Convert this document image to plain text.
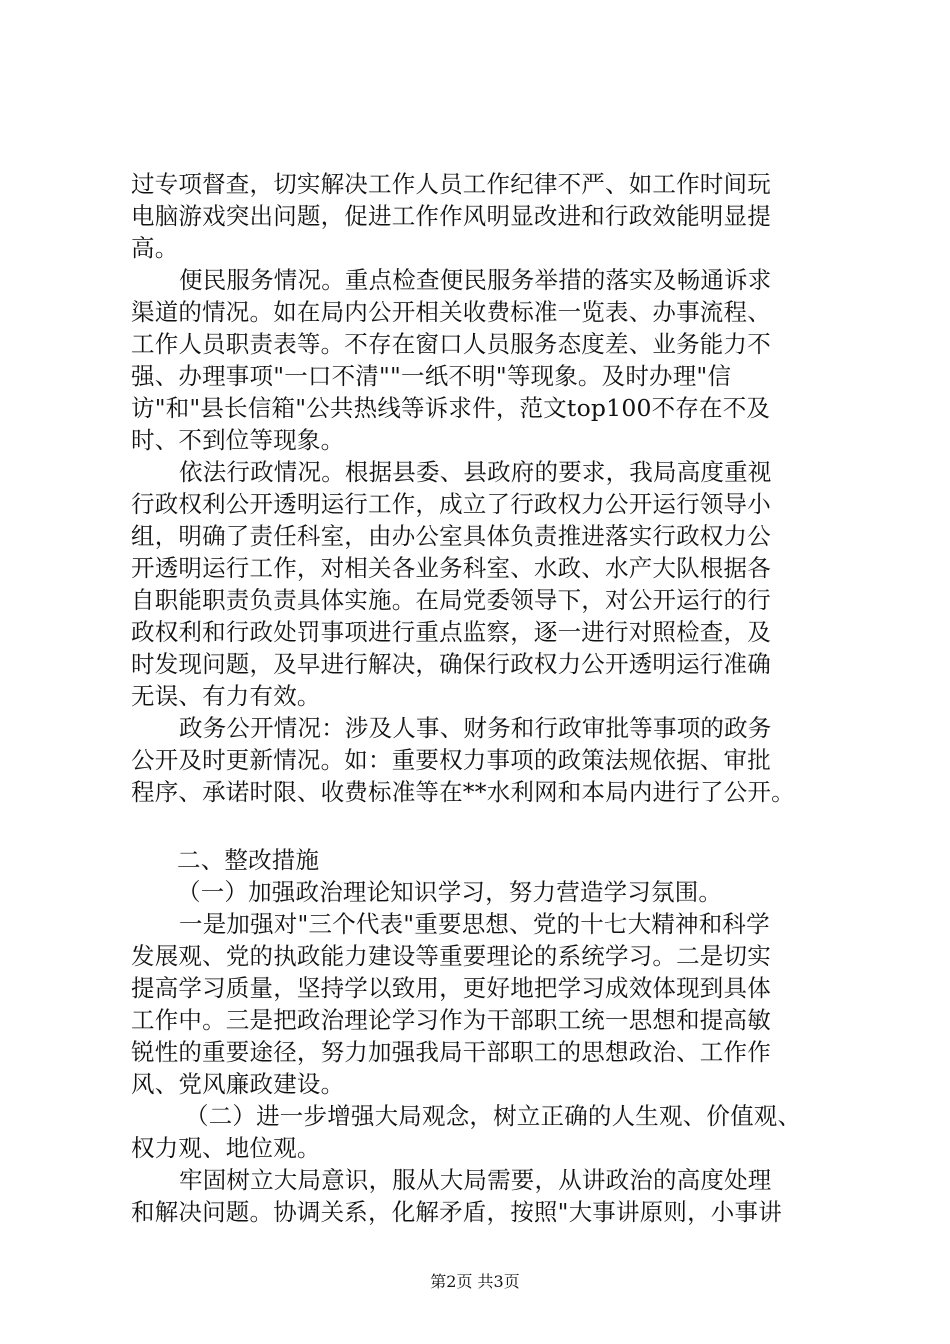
过专项督查，切实解决工作人员工作纪律不严、如工作时间玩
电脑游戏突出问题，促进工作作风明显改进和行政效能明显提
高。
便民服务情况。重点检查便民服务举措的落实及畅通诉求
渠道的情况。如在局内公开相关收费标准一览表、办事流程、
工作人员职责表等。不存在窗口人员服务态度差、业务能力不
强、办理事项"一口不清""一纸不明"等现象。及时办理"信
访"和"县长信箱"公共热线等诉求件，范文top100不存在不及
时、不到位等现象。
依法行政情况。根据县委、县政府的要求，我局高度重视
行政权利公开透明运行工作，成立了行政权力公开运行领导小
组，明确了责任科室，由办公室具体负责推进落实行政权力公
开透明运行工作，对相关各业务科室、水政、水产大队根据各
自职能职责负责具体实施。在局党委领导下，对公开运行的行
政权利和行政处罚事项进行重点监察，逐一进行对照检查，及
时发现问题，及早进行解决，确保行政权力公开透明运行准确
无误、有力有效。
政务公开情况：涉及人事、财务和行政审批等事项的政务
公开及时更新情况。如：重要权力事项的政策法规依据、审批
程序、承诺时限、收费标准等在**水利网和本局内进行了公开。
二、整改措施
（一）加强政治理论知识学习，努力营造学习氛围。
一是加强对"三个代表"重要思想、党的十七大精神和科学
发展观、党的执政能力建设等重要理论的系统学习。二是切实
提高学习质量，坚持学以致用，更好地把学习成效体现到具体
工作中。三是把政治理论学习作为干部职工统一思想和提高敏
锐性的重要途径，努力加强我局干部职工的思想政治、工作作
风、党风廉政建设。
（二）进一步增强大局观念，树立正确的人生观、价值观、
权力观、地位观。
牢固树立大局意识，服从大局需要，从讲政治的高度处理
和解决问题。协调关系，化解矛盾，按照"大事讲原则，小事讲
第2页 共3页
